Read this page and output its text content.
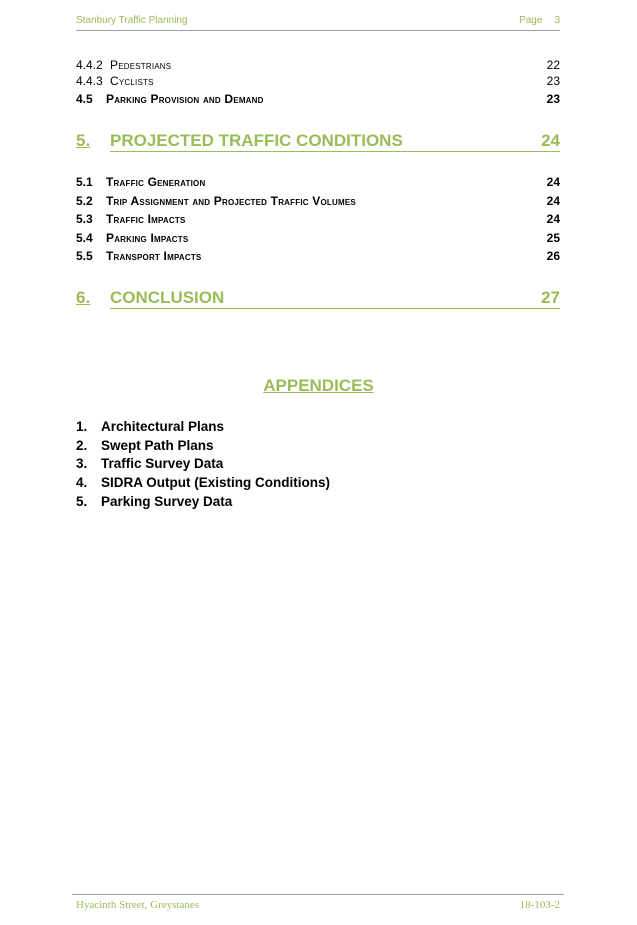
Stanbury Traffic Planning	Page 3
4.4.2 Pedestrians	22
4.4.3 Cyclists	23
4.5 Parking Provision and Demand	23
5. PROJECTED TRAFFIC CONDITIONS	24
5.1 Traffic Generation	24
5.2 Trip Assignment and Projected Traffic Volumes	24
5.3 Traffic Impacts	24
5.4 Parking Impacts	25
5.5 Transport Impacts	26
6. CONCLUSION	27
APPENDICES
1. Architectural Plans
2. Swept Path Plans
3. Traffic Survey Data
4. SIDRA Output (Existing Conditions)
5. Parking Survey Data
Hyacinth Street, Greystanes	18-103-2
